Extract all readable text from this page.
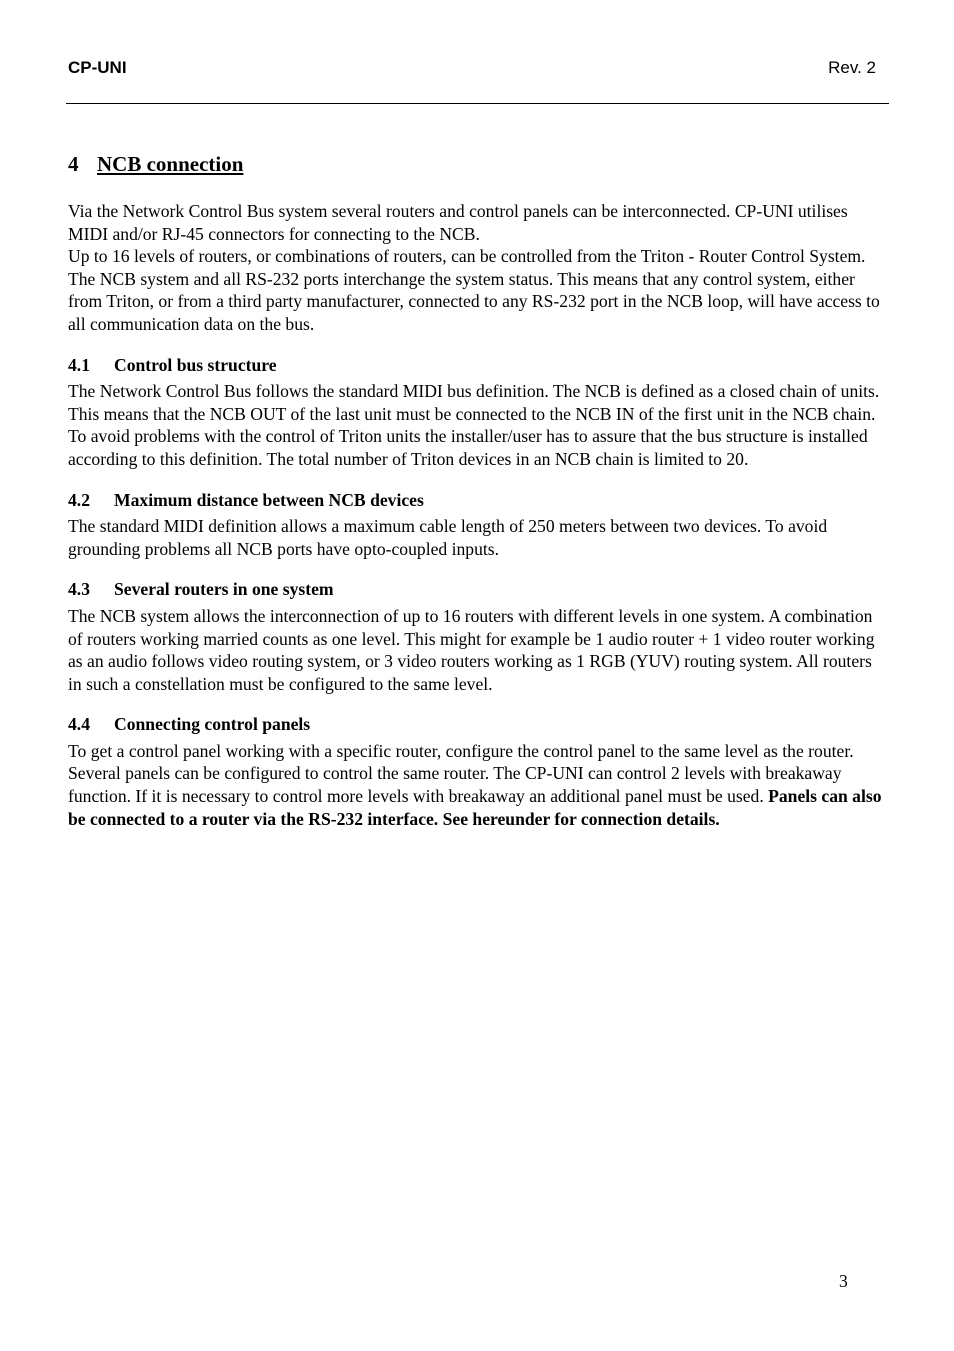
CP-UNI	Rev. 2
4 NCB connection

Via the Network Control Bus system several routers and control panels can be interconnected. CP-UNI utilises MIDI and/or RJ-45 connectors for connecting to the NCB.

Up to 16 levels of routers, or combinations of routers, can be controlled from the Triton - Router Control System. The NCB system and all RS-232 ports interchange the system status. This means that any control system, either from Triton, or from a third party manufacturer, connected to any RS-232 port in the NCB loop, will have access to all communication data on the bus.

4.1 Control bus structure

The Network Control Bus follows the standard MIDI bus definition. The NCB is defined as a closed chain of units. This means that the NCB OUT of the last unit must be connected to the NCB IN of the first unit in the NCB chain. To avoid problems with the control of Triton units the installer/user has to assure that the bus structure is installed according to this definition. The total number of Triton devices in an NCB chain is limited to 20.

4.2 Maximum distance between NCB devices

The standard MIDI definition allows a maximum cable length of 250 meters between two devices. To avoid grounding problems all NCB ports have opto-coupled inputs.

4.3 Several routers in one system

The NCB system allows the interconnection of up to 16 routers with different levels in one system. A combination of routers working married counts as one level. This might for example be 1 audio router + 1 video router working as an audio follows video routing system, or 3 video routers working as 1 RGB (YUV) routing system. All routers in such a constellation must be configured to the same level.

4.4 Connecting control panels

To get a control panel working with a specific router, configure the control panel to the same level as the router. Several panels can be configured to control the same router. The CP-UNI can control 2 levels with breakaway function. If it is necessary to control more levels with breakaway an additional panel must be used. Panels can also be connected to a router via the RS-232 interface. See hereunder for connection details.

3
